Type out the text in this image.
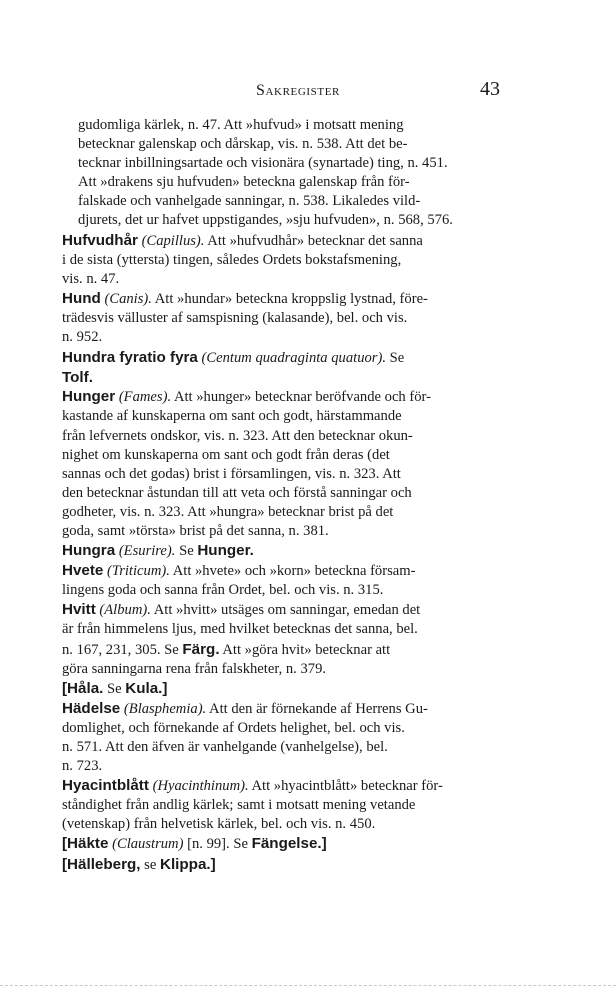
Sakregister	43
gudomliga kärlek, n. 47. Att »hufvud» i motsatt mening
betecknar galenskap och dårskap, vis. n. 538. Att det be-
tecknar inbillningsartade och visionära (synartade) ting, n. 451.
Att »drakens sju hufvuden» beteckna galenskap från för-
falskade och vanhelgade sanningar, n. 538. Likaledes vild-
djurets, det ur hafvet uppstigandes, »sju hufvuden», n. 568, 576.
Hufvudhår (Capillus). Att »hufvudhår» betecknar det sanna
i de sista (yttersta) tingen, således Ordets bokstafsmening,
vis. n. 47.
Hund (Canis). Att »hundar» beteckna kroppslig lystnad, före-
trädesvis välluster af samspisning (kalasande), bel. och vis.
n. 952.
Hundra fyratio fyra (Centum quadraginta quatuor). Se
Tolf.
Hunger (Fames). Att »hunger» betecknar beröfvande och för-
kastande af kunskaperna om sant och godt, härstammande
från lefvernets ondskor, vis. n. 323. Att den betecknar okun-
nighet om kunskaperna om sant och godt från deras (det
sannas och det godas) brist i församlingen, vis. n. 323. Att
den betecknar åstundan till att veta och förstå sanningar och
godheter, vis. n. 323. Att »hungra» betecknar brist på det
goda, samt »törsta» brist på det sanna, n. 381.
Hungra (Esurire). Se Hunger.
Hvete (Triticum). Att »hvete» och »korn» beteckna försam-
lingens goda och sanna från Ordet, bel. och vis. n. 315.
Hvitt (Album). Att »hvitt» utsäges om sanningar, emedan det
är från himmelens ljus, med hvilket betecknas det sanna, bel.
n. 167, 231, 305. Se Färg. Att »göra hvit» betecknar att
göra sanningarna rena från falskheter, n. 379.
[Håla. Se Kula.]
Hädelse (Blasphemia). Att den är förnekande af Herrens Gu-
domlighet, och förnekande af Ordets helighet, bel. och vis.
n. 571. Att den äfven är vanhelgande (vanhelgelse), bel.
n. 723.
Hyacintblått (Hyacinthinum). Att »hyacintblått» betecknar för-
ståndighet från andlig kärlek; samt i motsatt mening vetande
(vetenskap) från helvetisk kärlek, bel. och vis. n. 450.
[Häkte (Claustrum) [n. 99]. Se Fängelse.]
[Hälleberg, se Klippa.]
